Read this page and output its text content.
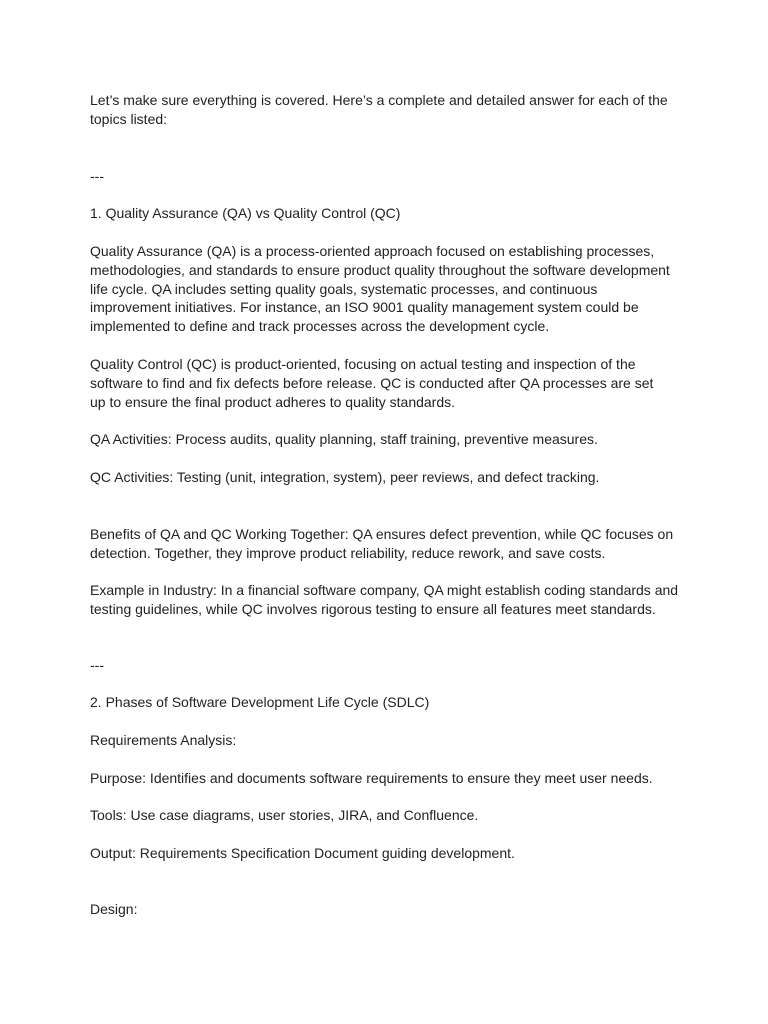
Let’s make sure everything is covered. Here’s a complete and detailed answer for each of the topics listed:

---

1. Quality Assurance (QA) vs Quality Control (QC)

Quality Assurance (QA) is a process-oriented approach focused on establishing processes, methodologies, and standards to ensure product quality throughout the software development life cycle. QA includes setting quality goals, systematic processes, and continuous improvement initiatives. For instance, an ISO 9001 quality management system could be implemented to define and track processes across the development cycle.

Quality Control (QC) is product-oriented, focusing on actual testing and inspection of the software to find and fix defects before release. QC is conducted after QA processes are set up to ensure the final product adheres to quality standards.

QA Activities: Process audits, quality planning, staff training, preventive measures.

QC Activities: Testing (unit, integration, system), peer reviews, and defect tracking.

Benefits of QA and QC Working Together: QA ensures defect prevention, while QC focuses on detection. Together, they improve product reliability, reduce rework, and save costs.

Example in Industry: In a financial software company, QA might establish coding standards and testing guidelines, while QC involves rigorous testing to ensure all features meet standards.

---

2. Phases of Software Development Life Cycle (SDLC)

Requirements Analysis:

Purpose: Identifies and documents software requirements to ensure they meet user needs.

Tools: Use case diagrams, user stories, JIRA, and Confluence.

Output: Requirements Specification Document guiding development.

Design:
